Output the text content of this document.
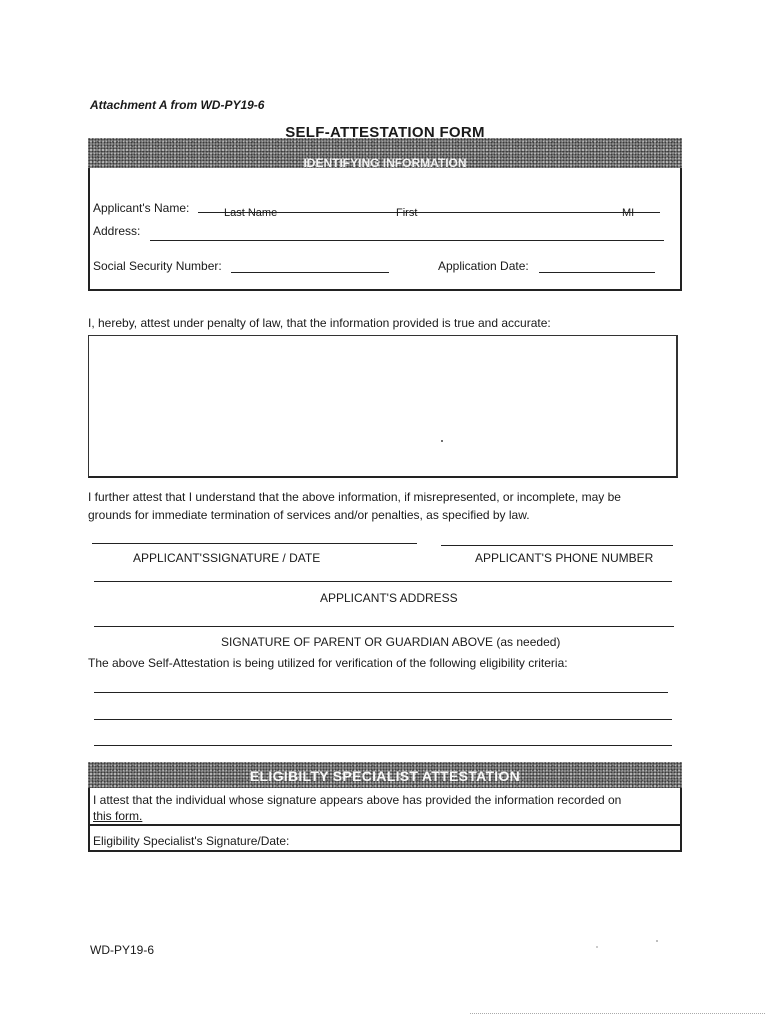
Attachment A from WD-PY19-6
SELF-ATTESTATION FORM
IDENTIFYING INFORMATION
Applicant's Name:	Last Name	First	MI
Address:
Social Security Number:	Application Date:
I, hereby, attest under penalty of law, that the information provided is true and accurate:
I further attest that I understand that the above information, if misrepresented, or incomplete, may be
grounds for immediate termination of services and/or penalties, as specified by law.
APPLICANT'SSIGNATURE / DATE	APPLICANT'S PHONE NUMBER
APPLICANT'S ADDRESS
SIGNATURE OF PARENT OR GUARDIAN ABOVE (as needed)
The above Self-Attestation is being utilized for verification of the following eligibility criteria:
ELIGIBILTY SPECIALIST ATTESTATION
I attest that the individual whose signature appears above has provided the information recorded on
this form.
Eligibility Specialist's Signature/Date:
WD-PY19-6
